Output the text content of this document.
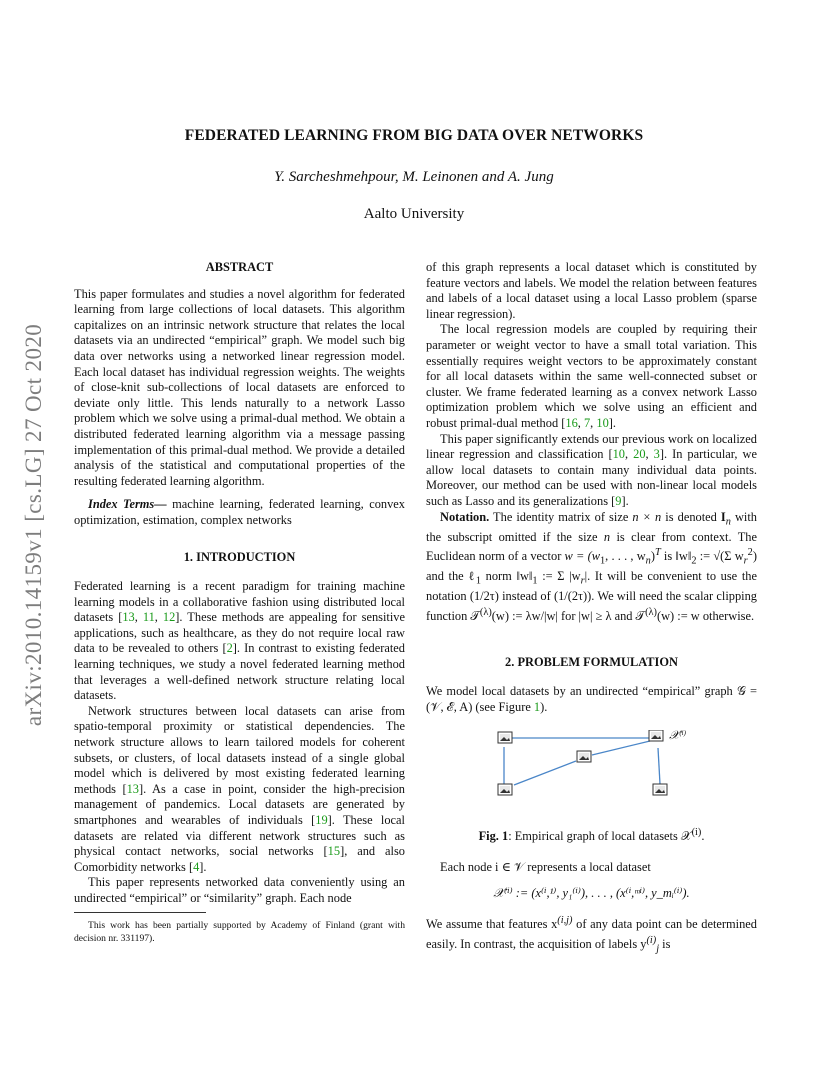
arXiv:2010.14159v1 [cs.LG] 27 Oct 2020
FEDERATED LEARNING FROM BIG DATA OVER NETWORKS
Y. Sarcheshmehpour, M. Leinonen and A. Jung
Aalto University

ABSTRACT

This paper formulates and studies a novel algorithm for federated learning from large collections of local datasets. This algorithm capitalizes on an intrinsic network structure that relates the local datasets via an undirected “empirical” graph. We model such big data over networks using a networked linear regression model. Each local dataset has individual regression weights. The weights of close-knit sub-collections of local datasets are enforced to deviate only little. This lends naturally to a network Lasso problem which we solve using a primal-dual method. We obtain a distributed federated learning algorithm via a message passing implementation of this primal-dual method. We provide a detailed analysis of the statistical and computational properties of the resulting federated learning algorithm.

Index Terms— machine learning, federated learning, convex optimization, estimation, complex networks

1. INTRODUCTION

Federated learning is a recent paradigm for training machine learning models in a collaborative fashion using distributed local datasets [13, 11, 12]. These methods are appealing for sensitive applications, such as healthcare, as they do not require local raw data to be revealed to others [2]. In contrast to existing federated learning techniques, we study a novel federated learning method that leverages a well-defined network structure relating local datasets.

Network structures between local datasets can arise from spatio-temporal proximity or statistical dependencies. The network structure allows to learn tailored models for coherent subsets, or clusters, of local datasets instead of a single global model which is delivered by most existing federated learning methods [13]. As a case in point, consider the high-precision management of pandemics. Local datasets are generated by smartphones and wearables of individuals [19]. These local datasets are related via different network structures such as physical contact networks, social networks [15], and also Comorbidity networks [4].

This paper represents networked data conveniently using an undirected “empirical” or “similarity” graph. Each node

This work has been partially supported by Academy of Finland (grant with decision nr. 331197).

of this graph represents a local dataset which is constituted by feature vectors and labels. We model the relation between features and labels of a local dataset using a local Lasso problem (sparse linear regression).

The local regression models are coupled by requiring their parameter or weight vector to have a small total variation. This essentially requires weight vectors to be approximately constant for all local datasets within the same well-connected subset or cluster. We frame federated learning as a convex network Lasso optimization problem which we solve using an efficient and robust primal-dual method [16, 7, 10].

This paper significantly extends our previous work on localized linear regression and classification [10, 20, 3]. In particular, we allow local datasets to contain many individual data points. Moreover, our method can be used with non-linear local models such as Lasso and its generalizations [9].

Notation. The identity matrix of size n × n is denoted $I_n$ with the subscript omitted if the size n is clear from context. The Euclidean norm of a vector $w = (w_1$, . . . , $w_n)^T$ is $‖w‖_2$ := √(Σ $w_r^2$) and the ℓ$_1$ norm $‖w‖_1$ := Σ $|w_r|$. It will be convenient to use the notation (1/2τ) instead of (1/(2τ)). We will need the scalar clipping function 𝒯$^{(\lambda)}$(w) := λw/|w| for |w| ≥ λ and 𝒯$^{(\lambda)}$(w) := w otherwise.

2. PROBLEM FORMULATION

We model local datasets by an undirected “empirical” graph 𝒢 = (𝒱, ℰ, A) (see Figure 1).

𝒳$^{(i)}$

Fig. 1: Empirical graph of local datasets 𝒳$^{(i)}$.

Each node i ∈ 𝒱 represents a local dataset

𝒳⁽ⁱ⁾ := (x⁽ⁱ,¹⁾, y₁⁽ⁱ⁾), . . . , (x⁽ⁱ,ᵐⁱ⁾, y_mᵢ⁽ⁱ⁾).

We assume that features $x^{(i,j)}$ of any data point can be determined easily. In contrast, the acquisition of labels $y^{(i)}_j$ is
